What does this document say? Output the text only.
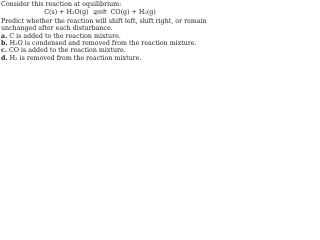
Consider this reaction at equilibrium:
C(s) + H₂O(g) ⇌ CO(g) + H₂(g)
Predict whether the reaction will shift left, shift right, or remain
unchanged after each disturbance.
a. C is added to the reaction mixture.
b. H₂O is condensed and removed from the reaction mixture.
c. CO is added to the reaction mixture.
d. H₂ is removed from the reaction mixture.
